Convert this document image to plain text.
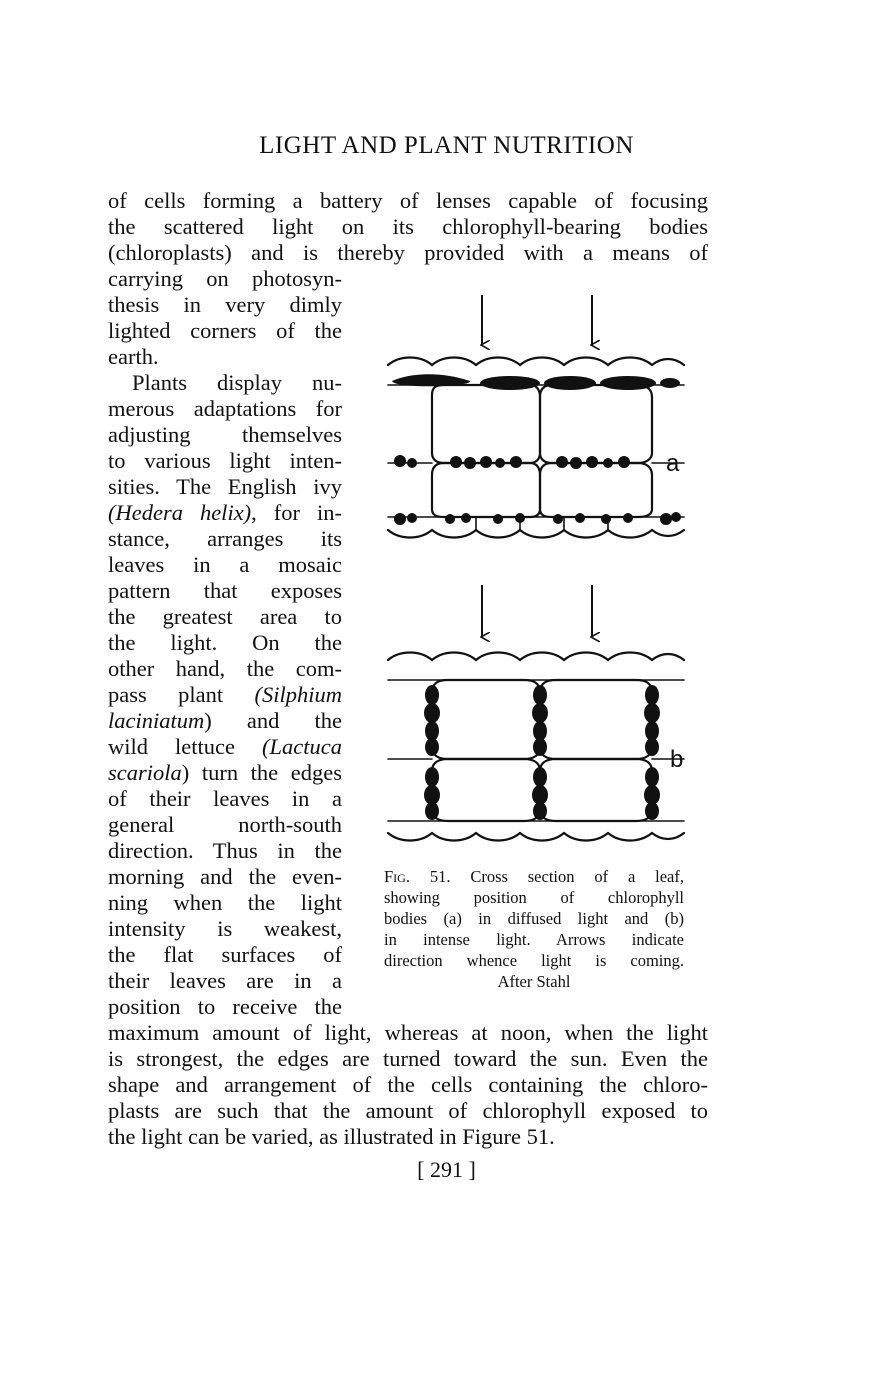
LIGHT AND PLANT NUTRITION
of cells forming a battery of lenses capable of focusing
the scattered light on its chlorophyll-bearing bodies
(chloroplasts) and is thereby provided with a means of
carrying on photosyn-
thesis in very dimly
lighted corners of the
earth.
Plants display nu-
merous adaptations for
adjusting themselves
to various light inten-
sities. The English ivy
(Hedera helix), for in-
stance, arranges its
leaves in a mosaic
pattern that exposes
the greatest area to
the light. On the
other hand, the com-
pass plant (Silphium
laciniatum) and the
wild lettuce (Lactuca
scariola) turn the edges
of their leaves in a
general north-south
direction. Thus in the
morning and the even-
ning when the light
intensity is weakest,
the flat surfaces of
their leaves are in a
position to receive the
maximum amount of light, whereas at noon, when the light
is strongest, the edges are turned toward the sun. Even the
shape and arrangement of the cells containing the chloro-
plasts are such that the amount of chlorophyll exposed to
the light can be varied, as illustrated in Figure 51.
a
b
Fig. 51. Cross section of a leaf,
showing position of chlorophyll
bodies (a) in diffused light and (b)
in intense light. Arrows indicate
direction whence light is coming.
After Stahl
[ 291 ]
